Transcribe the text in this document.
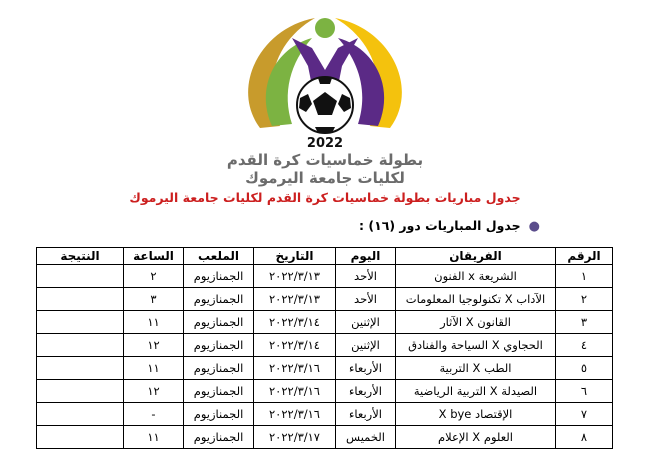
2022
بطولة خماسيات كرة القدم
لكليات جامعة اليرموك
جدول مباريات بطولة خماسيات كرة القدم لكليات جامعة اليرموك
●جدول المباريات دور (١٦) :
الرقم	الفريقان	اليوم	التاريخ	الملعب	الساعة	النتيجة
١	الشريعة x الفنون	الأحد	٢٠٢٢/٣/١٣	الجمنازيوم	٢	
٢	الآداب X تكنولوجيا المعلومات	الأحد	٢٠٢٢/٣/١٣	الجمنازيوم	٣	
٣	القانون X الآثار	الإثنين	٢٠٢٢/٣/١٤	الجمنازيوم	١١	
٤	الحجاوي X السياحة والفنادق	الإثنين	٢٠٢٢/٣/١٤	الجمنازيوم	١٢	
٥	الطب X التربية	الأربعاء	٢٠٢٢/٣/١٦	الجمنازيوم	١١	
٦	الصيدلة X التربية الرياضية	الأربعاء	٢٠٢٢/٣/١٦	الجمنازيوم	١٢	
٧	الإقتصاد X bye	الأربعاء	٢٠٢٢/٣/١٦	الجمنازيوم	-	
٨	العلوم X الإعلام	الخميس	٢٠٢٢/٣/١٧	الجمنازيوم	١١	
